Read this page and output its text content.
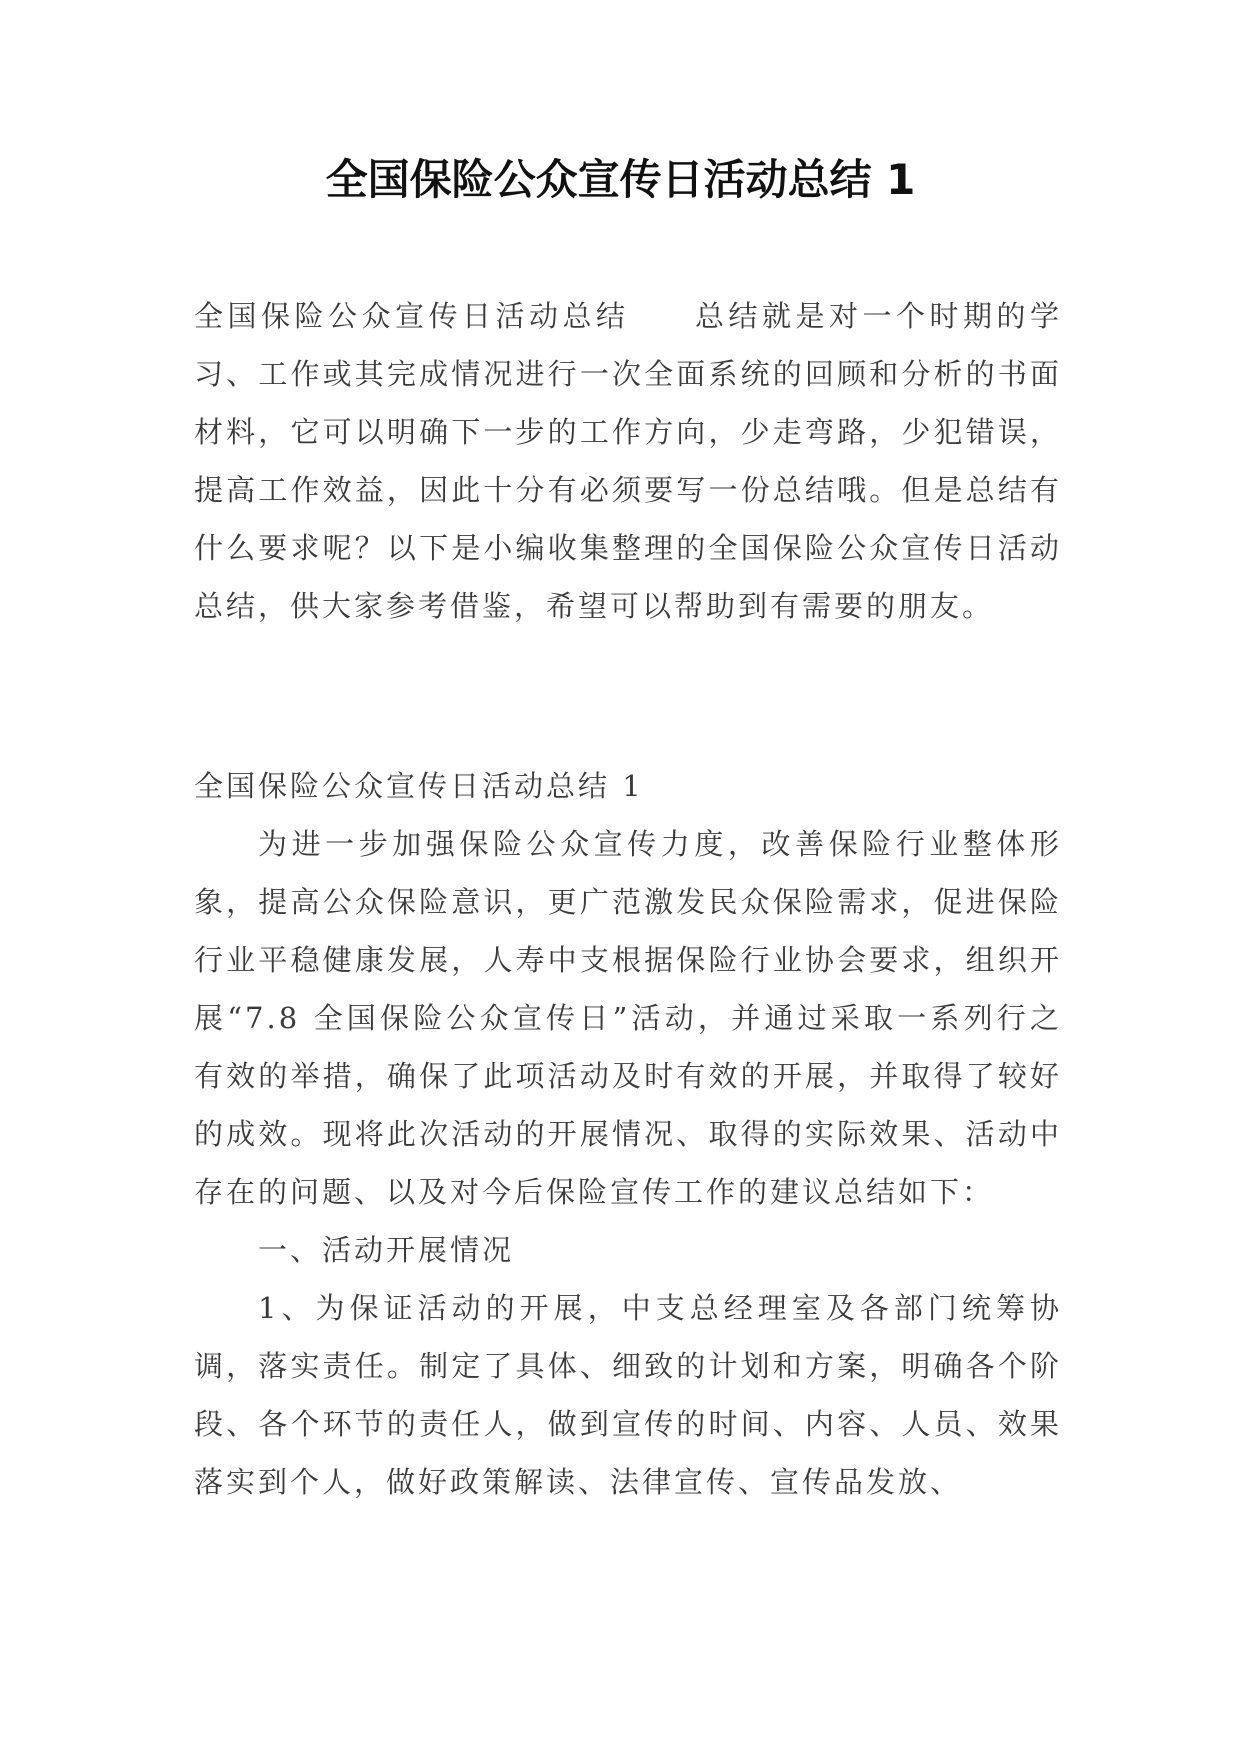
全国保险公众宣传日活动总结 1

全国保险公众宣传日活动总结 总结就是对一个时期的学习、工作或其完成情况进行一次全面系统的回顾和分析的书面材料，它可以明确下一步的工作方向，少走弯路，少犯错误，提高工作效益，因此十分有必须要写一份总结哦。但是总结有什么要求呢？以下是小编收集整理的全国保险公众宣传日活动总结，供大家参考借鉴，希望可以帮助到有需要的朋友。

全国保险公众宣传日活动总结 1

为进一步加强保险公众宣传力度，改善保险行业整体形象，提高公众保险意识，更广范激发民众保险需求，促进保险行业平稳健康发展，人寿中支根据保险行业协会要求，组织开展“7.8 全国保险公众宣传日”活动，并通过采取一系列行之有效的举措，确保了此项活动及时有效的开展，并取得了较好的成效。现将此次活动的开展情况、取得的实际效果、活动中存在的问题、以及对今后保险宣传工作的建议总结如下：

一、活动开展情况

1、为保证活动的开展，中支总经理室及各部门统筹协调，落实责任。制定了具体、细致的计划和方案，明确各个阶段、各个环节的责任人，做到宣传的时间、内容、人员、效果落实到个人，做好政策解读、法律宣传、宣传品发放、
